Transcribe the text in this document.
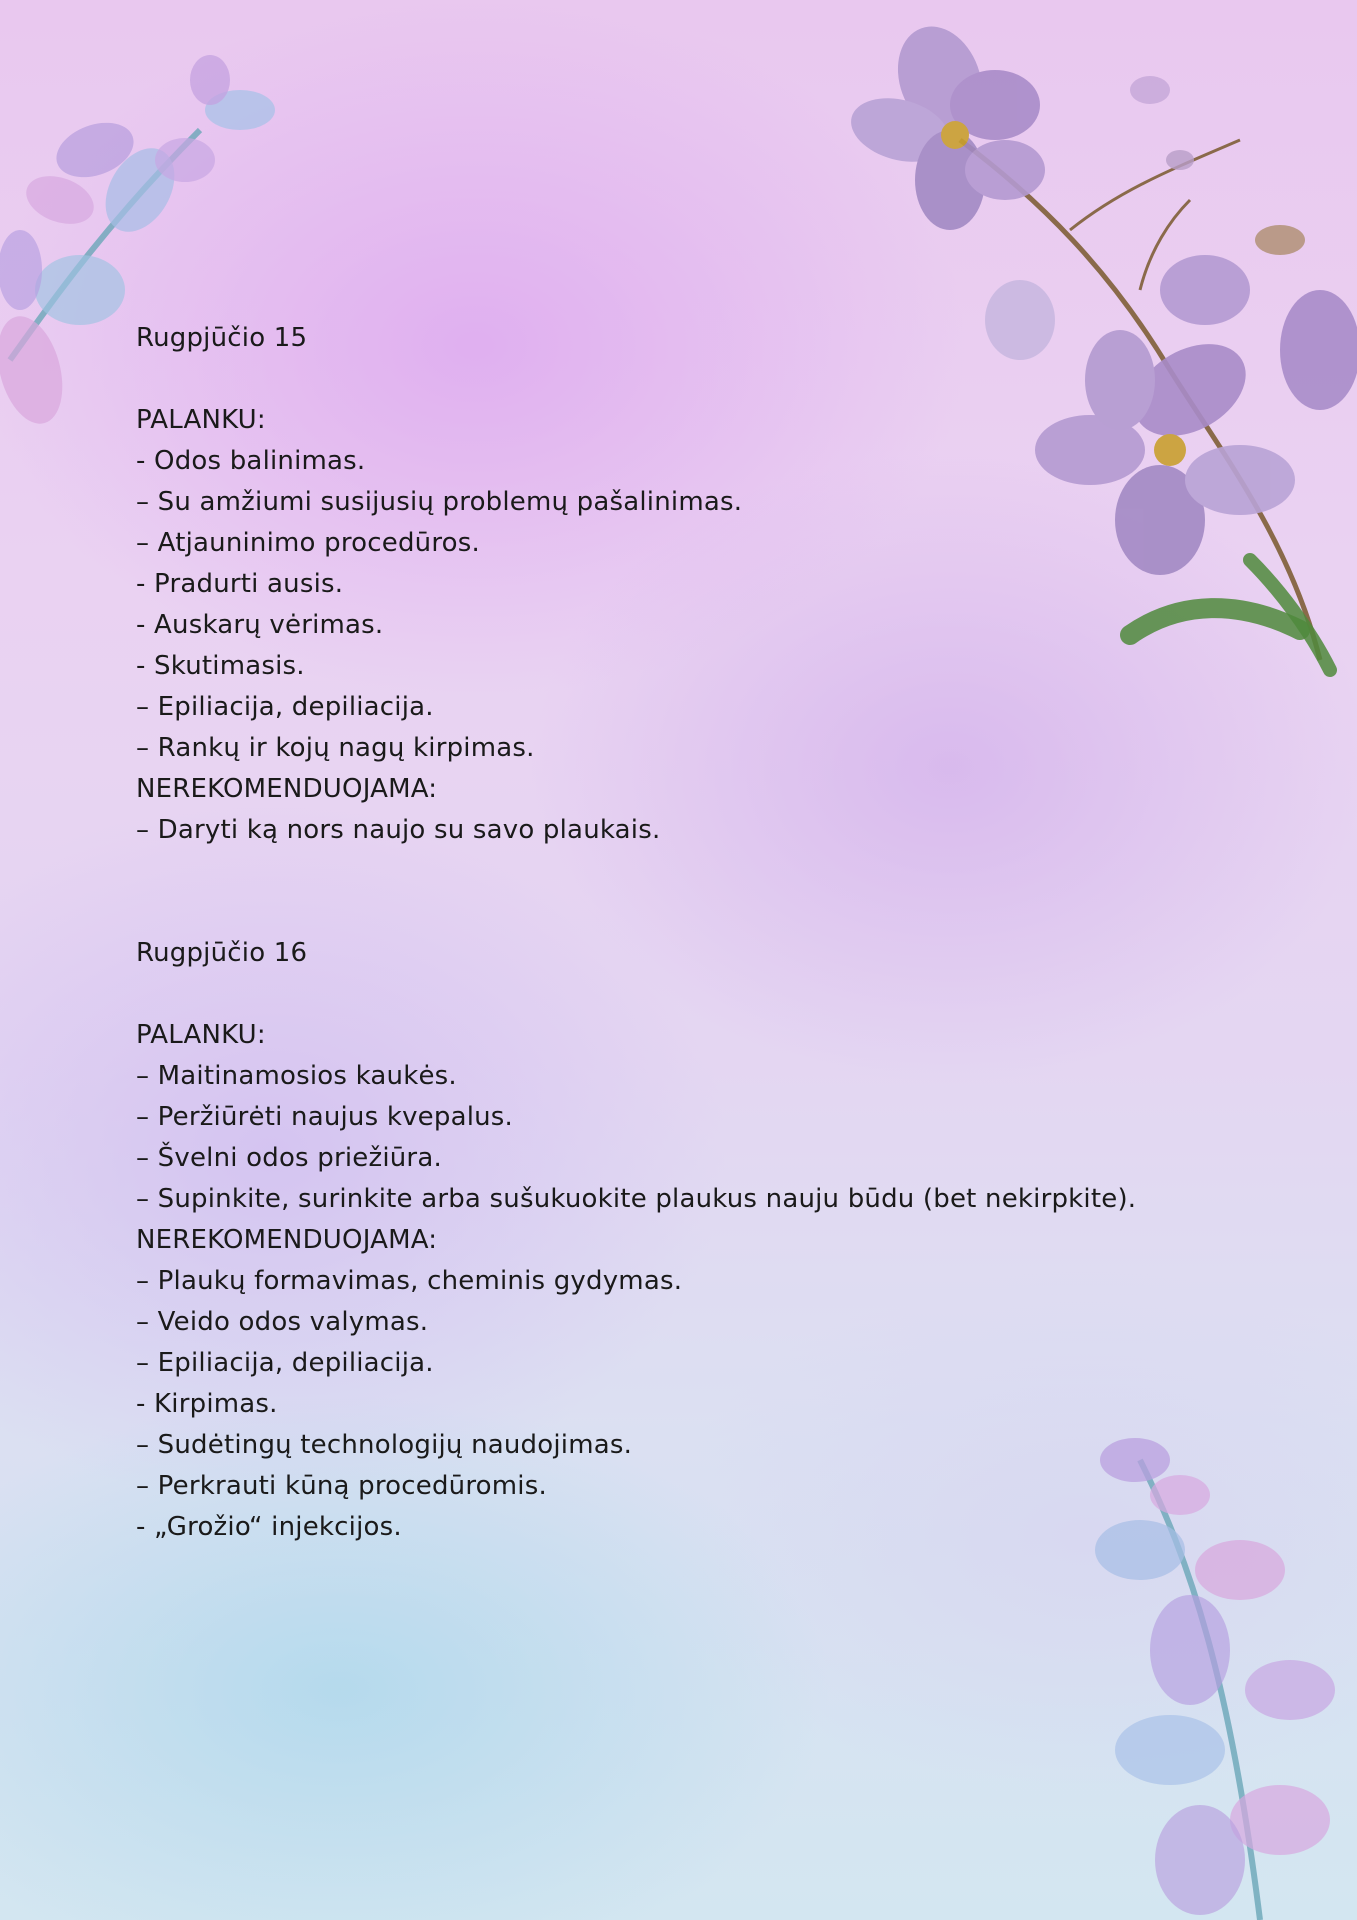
Rugpjūčio 15
PALANKU:
- Odos balinimas.
– Su amžiumi susijusių problemų pašalinimas.
– Atjauninimo procedūros.
- Pradurti ausis.
- Auskarų vėrimas.
- Skutimasis.
– Epiliacija, depiliacija.
– Rankų ir kojų nagų kirpimas.
NEREKOMENDUOJAMA:
– Daryti ką nors naujo su savo plaukais.
Rugpjūčio 16
PALANKU:
– Maitinamosios kaukės.
– Peržiūrėti naujus kvepalus.
– Švelni odos priežiūra.
– Supinkite, surinkite arba sušukuokite plaukus nauju būdu (bet nekirpkite).
NEREKOMENDUOJAMA:
– Plaukų formavimas, cheminis gydymas.
– Veido odos valymas.
– Epiliacija, depiliacija.
- Kirpimas.
– Sudėtingų technologijų naudojimas.
– Perkrauti kūną procedūromis.
- „Grožio“ injekcijos.
